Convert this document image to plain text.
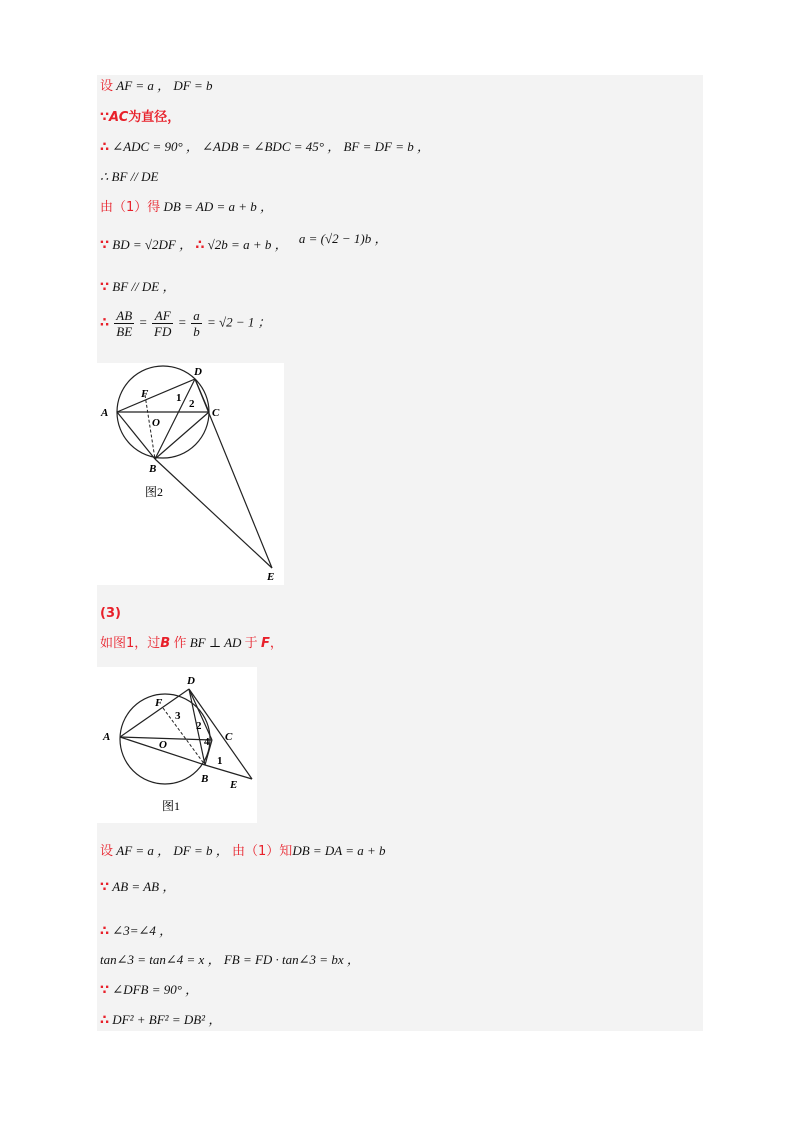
设 AF = a ， DF = b
∵AC为直径，
∴ ∠ADC = 90° ， ∠ADB = ∠BDC = 45° ， BF = DF = b ，
∴ BF // DE
由（1）得 DB = AD = a + b ，
∵ BD = √2DF ， ∴ √2b = a + b ， a = (√2 − 1)b ，
∵ BF // DE ，
∴ $\frac{AB}{BE} = \frac{AF}{FD} = \frac{a}{b} = √2 - 1$ ；
A
D
C
F
O
B
E
1 2
图2
(3)
如图1，过B 作 BF ⊥ AD 于 F，
A
D
C
F
O
B E
3
2
4
1
图1
设 AF = a ， DF = b ， 由（1）知DB = DA = a + b
∵ AB = AB ，
∴ ∠3=∠4 ，
tan∠3 = tan∠4 = x ， FB = FD · tan∠3 = bx ，
∵ ∠DFB = 90° ，
∴ DF² + BF² = DB² ，
